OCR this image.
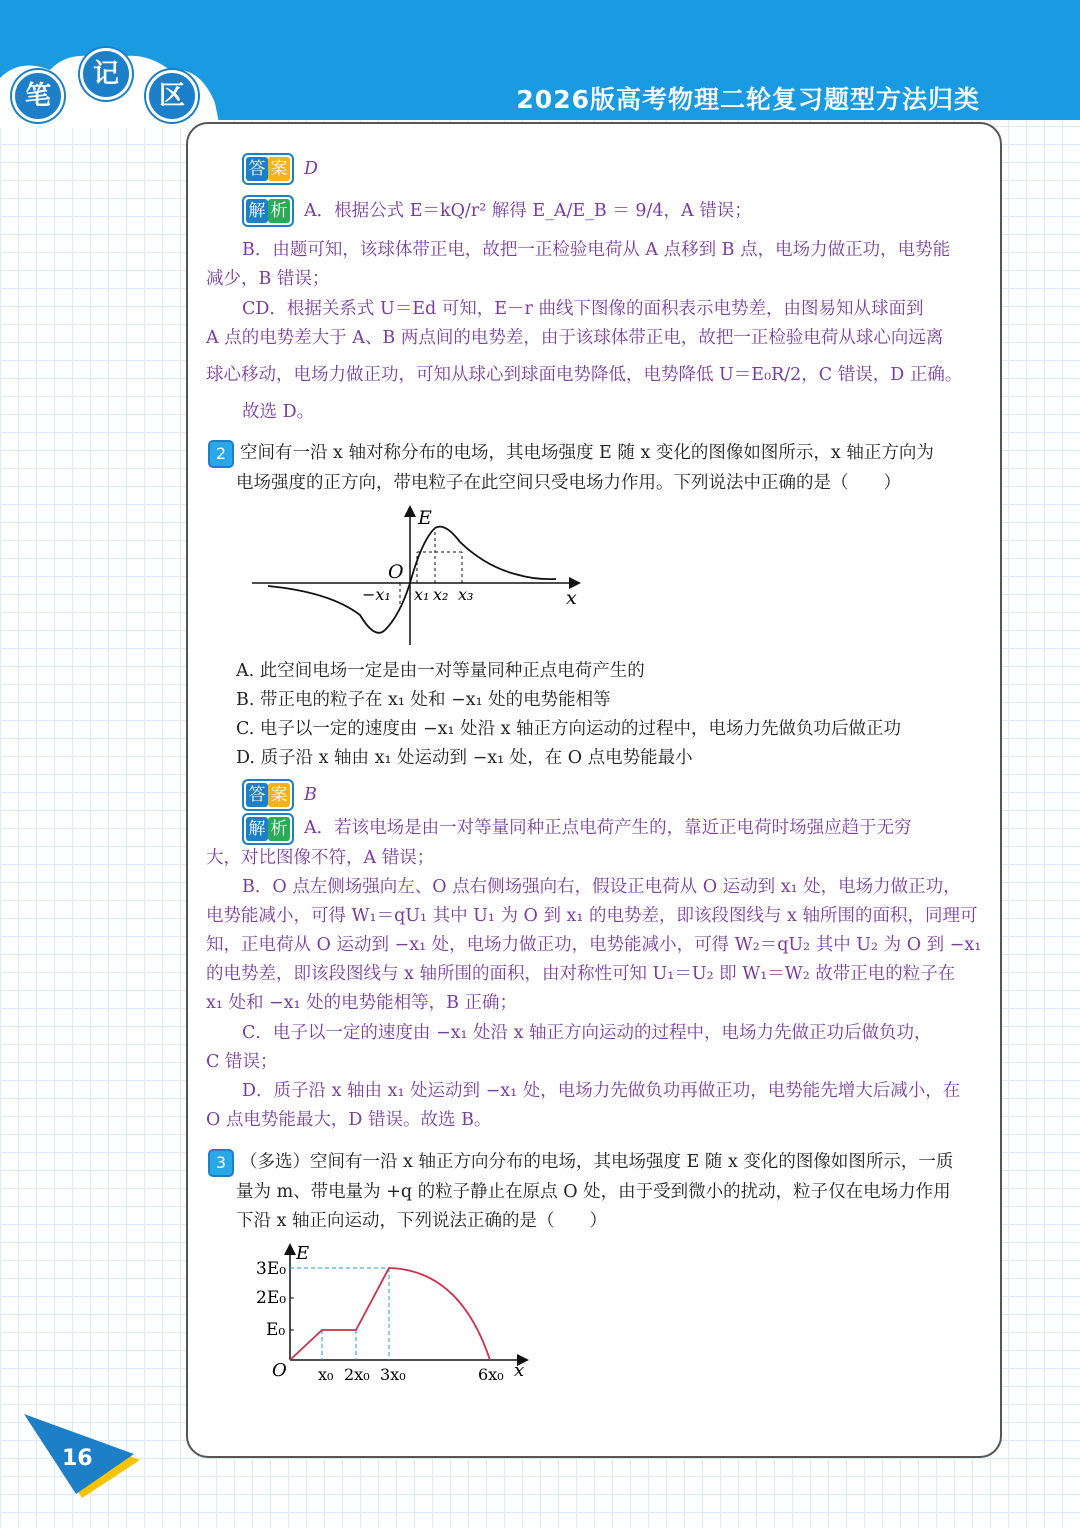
2026版高考物理二轮复习题型方法归类
笔
记
区
答 案 D
解 析 A．根据公式 E＝kQ/r² 解得 E_A/E_B ＝ 9/4，A 错误；
B．由题可知，该球体带正电，故把一正检验电荷从 A 点移到 B 点，电场力做正功，电势能
减少，B 错误；
CD．根据关系式 U＝Ed 可知，E－r 曲线下图像的面积表示电势差，由图易知从球面到
A 点的电势差大于 A、B 两点间的电势差，由于该球体带正电，故把一正检验电荷从球心向远离
球心移动，电场力做正功，可知从球心到球面电势降低，电势降低 U＝E₀R/2，C 错误，D 正确。
故选 D。
2 空间有一沿 x 轴对称分布的电场，其电场强度 E 随 x 变化的图像如图所示，x 轴正方向为
电场强度的正方向，带电粒子在此空间只受电场力作用。下列说法中正确的是（　　）
E
O
x
−x₁ x₁ x₂ x₃
A. 此空间电场一定是由一对等量同种正点电荷产生的
B. 带正电的粒子在 x₁ 处和 −x₁ 处的电势能相等
C. 电子以一定的速度由 −x₁ 处沿 x 轴正方向运动的过程中，电场力先做负功后做正功
D. 质子沿 x 轴由 x₁ 处运动到 −x₁ 处，在 O 点电势能最小
答 案 B
解 析 A．若该电场是由一对等量同种正点电荷产生的，靠近正电荷时场强应趋于无穷
大，对比图像不符，A 错误；
B．O 点左侧场强向左、O 点右侧场强向右，假设正电荷从 O 运动到 x₁ 处，电场力做正功，
电势能减小，可得 W₁＝qU₁ 其中 U₁ 为 O 到 x₁ 的电势差，即该段图线与 x 轴所围的面积，同理可
知，正电荷从 O 运动到 −x₁ 处，电场力做正功，电势能减小，可得 W₂＝qU₂ 其中 U₂ 为 O 到 −x₁
的电势差，即该段图线与 x 轴所围的面积，由对称性可知 U₁＝U₂ 即 W₁＝W₂ 故带正电的粒子在
x₁ 处和 −x₁ 处的电势能相等，B 正确；
C．电子以一定的速度由 −x₁ 处沿 x 轴正方向运动的过程中，电场力先做正功后做负功，
C 错误；
D．质子沿 x 轴由 x₁ 处运动到 −x₁ 处，电场力先做负功再做正功，电势能先增大后减小，在
O 点电势能最大，D 错误。故选 B。
3 （多选）空间有一沿 x 轴正方向分布的电场，其电场强度 E 随 x 变化的图像如图所示，一质
量为 m、带电量为 +q 的粒子静止在原点 O 处，由于受到微小的扰动，粒子仅在电场力作用
下沿 x 轴正向运动，下列说法正确的是（　　）
E
3E₀
2E₀
E₀
O	x
x₀ 2x₀ 3x₀	6x₀
16
